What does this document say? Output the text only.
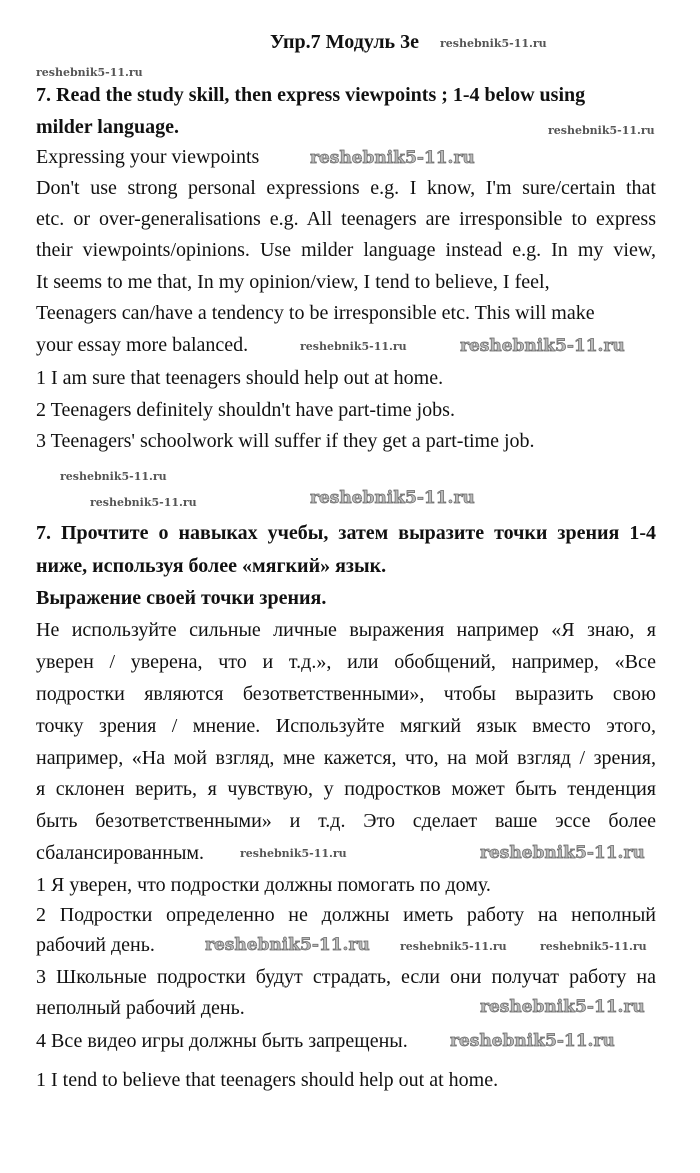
Упр.7 Модуль 3е
7. Read the study skill, then express viewpoints ; 1-4 below using
milder language.
Expressing your viewpoints
Don't use strong personal expressions e.g. I know, I'm sure/certain that
etc. or over-generalisations e.g. All teenagers are irresponsible to express
their viewpoints/opinions. Use milder language instead e.g. In my view,
It seems to me that, In my opinion/view, I tend to believe, I feel,
Teenagers can/have a tendency to be irresponsible etc. This will make
your essay more balanced.
1 I am sure that teenagers should help out at home.
2 Teenagers definitely shouldn't have part-time jobs.
3 Teenagers' schoolwork will suffer if they get a part-time job.
7. Прочтите о навыках учебы, затем выразите точки зрения 1-4
ниже, используя более «мягкий» язык.
Выражение своей точки зрения.
Не используйте сильные личные выражения например «Я знаю, я
уверен / уверена, что и т.д.», или обобщений, например, «Все
подростки являются безответственными», чтобы выразить свою
точку зрения / мнение. Используйте мягкий язык вместо этого,
например, «На мой взгляд, мне кажется, что, на мой взгляд / зрения,
я склонен верить, я чувствую, у подростков может быть тенденция
быть безответственными» и т.д. Это сделает ваше эссе более
сбалансированным.
1 Я уверен, что подростки должны помогать по дому.
2 Подростки определенно не должны иметь работу на неполный
рабочий день.
3 Школьные подростки будут страдать, если они получат работу на
неполный рабочий день.
4 Все видео игры должны быть запрещены.
1 I tend to believe that teenagers should help out at home.
reshebnik5-11.ru
reshebnik5-11.ru
reshebnik5-11.ru
reshebnik5-11.ru
reshebnik5-11.ru
reshebnik5-11.ru	reshebnik5-11.ru
reshebnik5-11.ru	reshebnik5-11.ru
reshebnik5-11.ru
reshebnik5-11.ru	reshebnik5-11.ru
reshebnik5-11.ru
reshebnik5-11.ru
reshebnik5-11.ru
reshebnik5-11.ru
